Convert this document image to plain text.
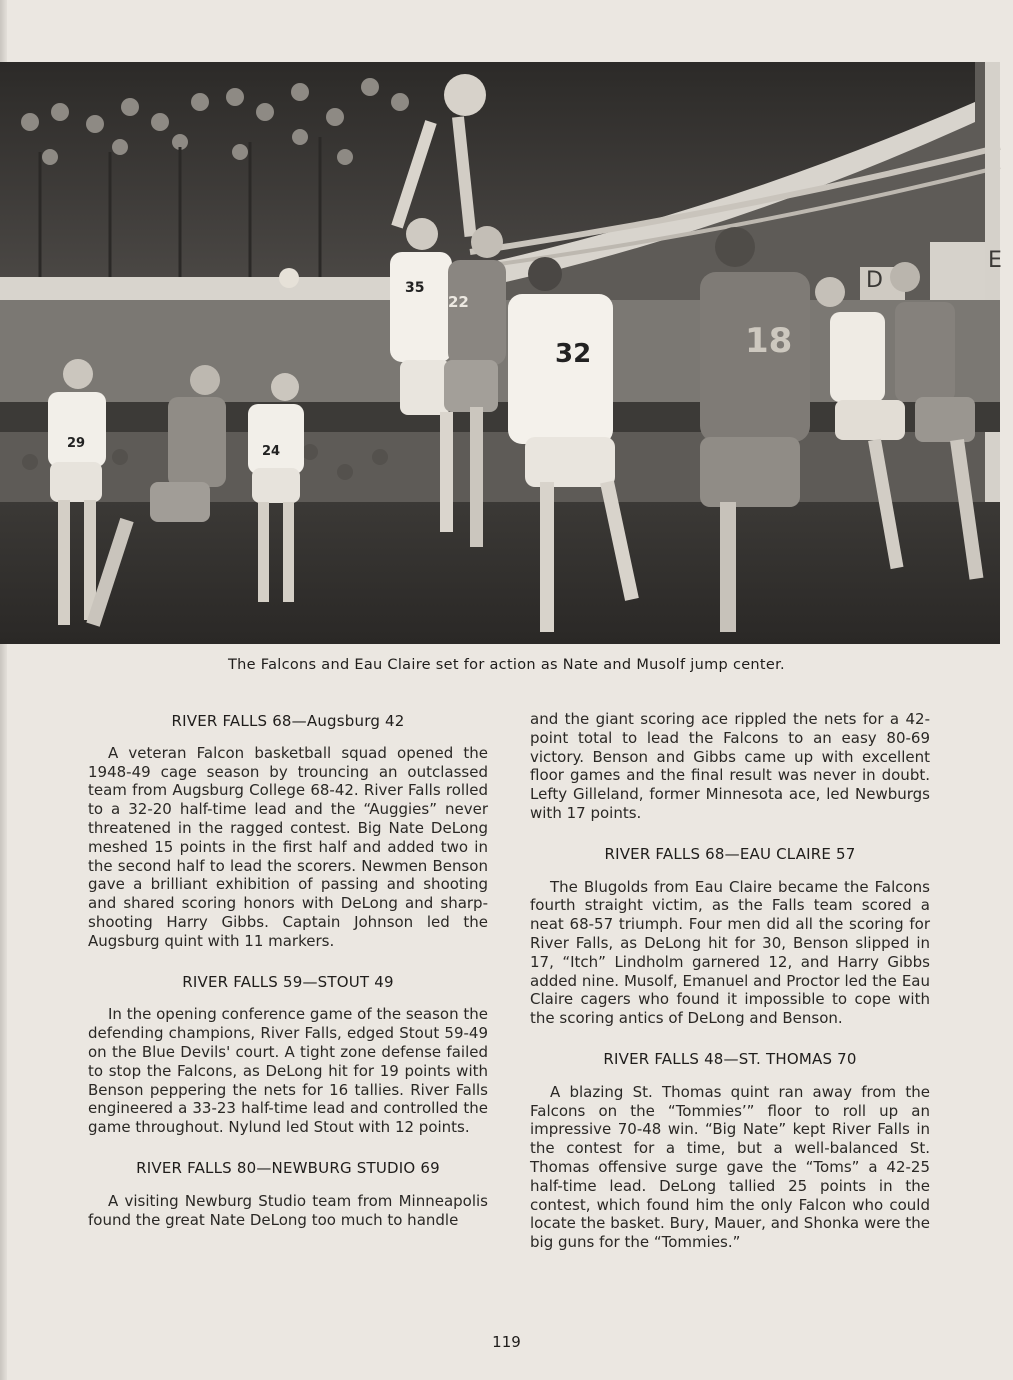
D
E
29
24
35
22
32	18
The Falcons and Eau Claire set for action as Nate and Musolf jump center.
RIVER FALLS 68—Augsburg 42

A veteran Falcon basketball squad opened the 1948-49 cage season by trouncing an outclassed team from Augsburg College 68-42. River Falls rolled to a 32-20 half-time lead and the “Auggies” never threatened in the ragged contest. Big Nate DeLong meshed 15 points in the first half and added two in the second half to lead the scorers. Newmen Benson gave a brilliant exhibition of passing and shooting and shared scoring honors with DeLong and sharp-shooting Harry Gibbs. Captain Johnson led the Augsburg quint with 11 markers.

RIVER FALLS 59—STOUT 49

In the opening conference game of the season the defending champions, River Falls, edged Stout 59-49 on the Blue Devils' court. A tight zone defense failed to stop the Falcons, as DeLong hit for 19 points with Benson peppering the nets for 16 tallies. River Falls engineered a 33-23 half-time lead and controlled the game throughout. Nylund led Stout with 12 points.

RIVER FALLS 80—NEWBURG STUDIO 69

A visiting Newburg Studio team from Minneapolis found the great Nate DeLong too much to handle

and the giant scoring ace rippled the nets for a 42-point total to lead the Falcons to an easy 80-69 victory. Benson and Gibbs came up with excellent floor games and the final result was never in doubt. Lefty Gilleland, former Minnesota ace, led Newburgs with 17 points.

RIVER FALLS 68—EAU CLAIRE 57

The Blugolds from Eau Claire became the Falcons fourth straight victim, as the Falls team scored a neat 68-57 triumph. Four men did all the scoring for River Falls, as DeLong hit for 30, Benson slipped in 17, “Itch” Lindholm garnered 12, and Harry Gibbs added nine. Musolf, Emanuel and Proctor led the Eau Claire cagers who found it impossible to cope with the scoring antics of DeLong and Benson.

RIVER FALLS 48—ST. THOMAS 70

A blazing St. Thomas quint ran away from the Falcons on the “Tommies’” floor to roll up an impressive 70-48 win. “Big Nate” kept River Falls in the contest for a time, but a well-balanced St. Thomas offensive surge gave the “Toms” a 42-25 half-time lead. DeLong tallied 25 points in the contest, which found him the only Falcon who could locate the basket. Bury, Mauer, and Shonka were the big guns for the “Tommies.”

119
